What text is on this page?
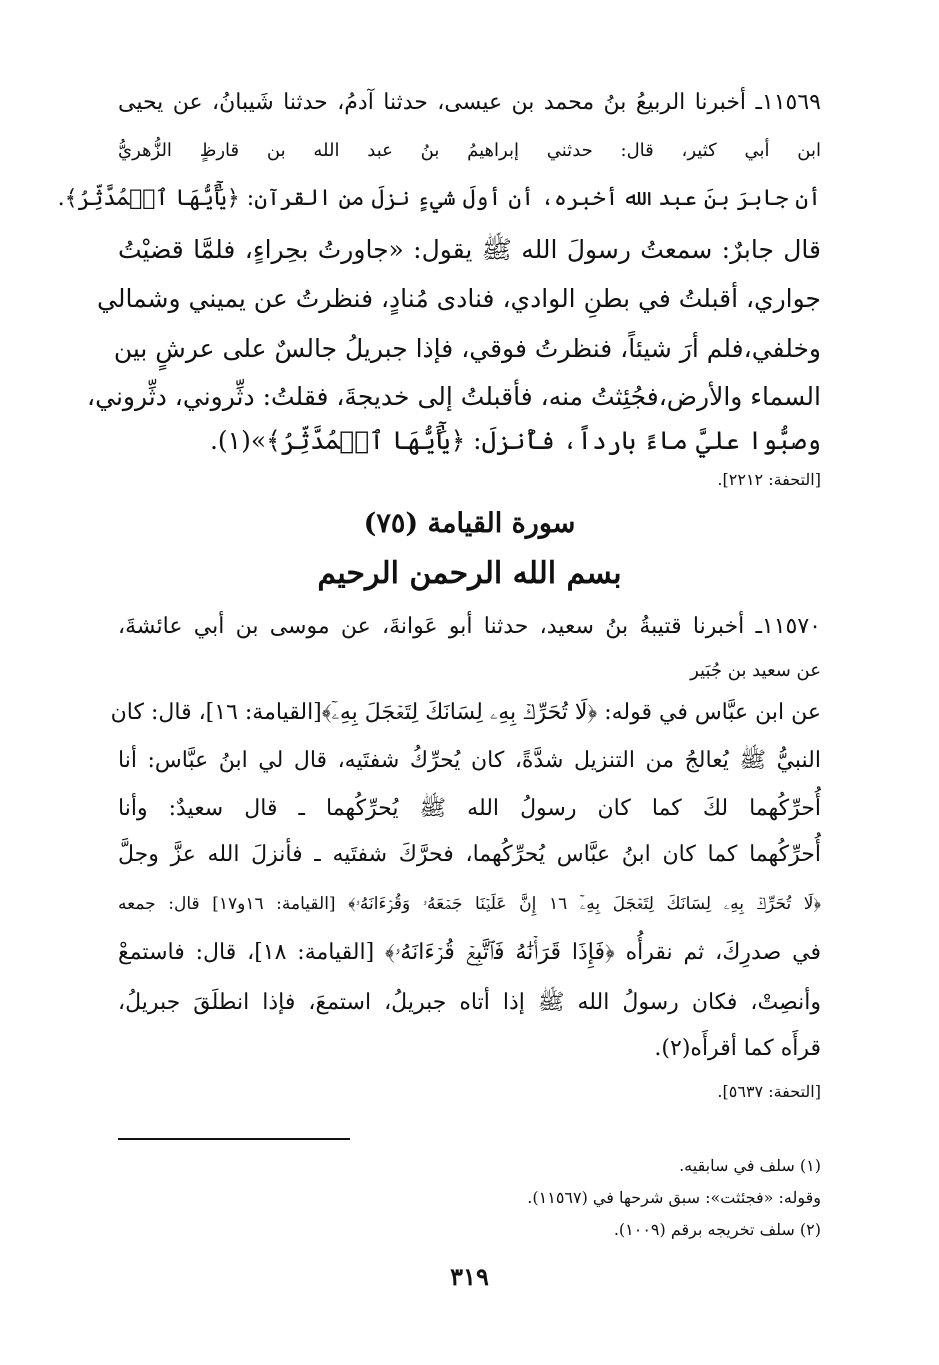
١١٥٦٩ـ أخبرنا الربيعُ بنُ محمد بن عيسى، حدثنا آدمُ، حدثنا شَيبانُ، عن يحيى
ابن أبي كثير، قال: حدثني إبراهيمُ بنُ عبد الله بن قارظٍ الزُّهريُّ
أن جابرَ بنَ عبد الله أخبره، أن أولَ شيءٍ نزلَ من القرآن: ﴿يَٰٓأَيُّهَا ٱلۡمُدَّثِّرُ﴾.
قال جابرٌ: سمعتُ رسولَ الله ﷺ يقول: «جاورتُ بحِراءٍ، فلمَّا قضيْتُ
جواري، أقبلتُ في بطنِ الوادي، فنادى مُنادٍ، فنظرتُ عن يميني وشمالي
وخلفي،فلم أرَ شيئاً، فنظرتُ فوقي، فإذا جبريلُ جالسٌ على عرشٍ بين
السماء والأرض،فجُئِثتُ منه، فأقبلتُ إلى خديجةَ، فقلتُ: دثِّروني، دثِّروني،
وصبُّوا عليَّ ماءً بارداً، فأُنزلَ: ﴿يَٰٓأَيُّهَا ٱلۡمُدَّثِّرُ﴾»(١).
[التحفة: ٢٢١٢].
سورة القيامة (٧٥)
بسم الله الرحمن الرحيم
١١٥٧٠ـ أخبرنا قتيبةُ بنُ سعيد، حدثنا أبو عَوانةَ، عن موسى بن أبي عائشةَ،
عن سعيد بن جُبَير
عن ابن عبَّاس في قوله: ﴿لَا تُحَرِّكۡ بِهِۦ لِسَانَكَ لِتَعۡجَلَ بِهِۦٓ﴾[القيامة: ١٦]، قال: كان
النبيُّ ﷺ يُعالجُ من التنزيل شدَّةً، كان يُحرِّكُ شفتَيه، قال لي ابنُ عبَّاس: أنا
أُحرِّكُهما لكَ كما كان رسولُ الله ﷺ يُحرِّكُهما ـ قال سعيدٌ: وأنا
أُحرِّكُهما كما كان ابنُ عبَّاس يُحرِّكُهما، فحرَّكَ شفتَيه ـ فأنزلَ الله عزَّ وجلَّ
﴿لَا تُحَرِّكۡ بِهِۦ لِسَانَكَ لِتَعۡجَلَ بِهِۦٓ ١٦ إِنَّ عَلَيۡنَا جَمۡعَهُۥ وَقُرۡءَانَهُۥ﴾ [القيامة: ١٦و١٧] قال: جمعه
في صدرِكَ، ثم نقرأُه ﴿فَإِذَا قَرَأۡنَٰهُ فَٱتَّبِعۡ قُرۡءَانَهُۥ﴾ [القيامة: ١٨]، قال: فاستمعْ
وأنصِتْ، فكان رسولُ الله ﷺ إذا أتاه جبريلُ، استمعَ، فإذا انطلَقَ جبريلُ،
قرأَه كما أقرأَه(٢).
[التحفة: ٥٦٣٧].
(١) سلف في سابقيه.
وقوله: «فجئثت»: سبق شرحها في (١١٥٦٧).
(٢) سلف تخريجه برقم (١٠٠٩).
٣١٩
